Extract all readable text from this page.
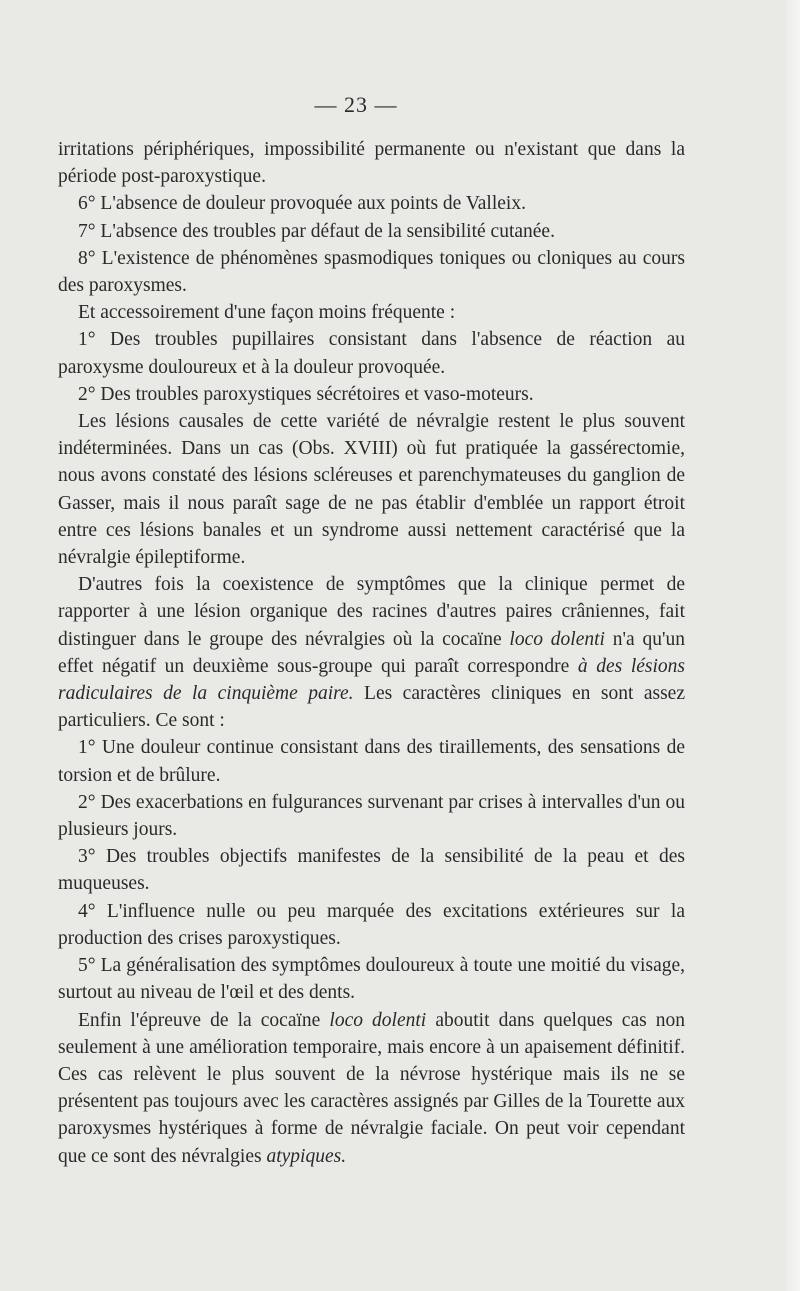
— 23 —

irritations périphériques, impossibilité permanente ou n'existant que dans la période post-paroxystique.

6° L'absence de douleur provoquée aux points de Valleix.

7° L'absence des troubles par défaut de la sensibilité cutanée.

8° L'existence de phénomènes spasmodiques toniques ou cloniques au cours des paroxysmes.

Et accessoirement d'une façon moins fréquente :

1° Des troubles pupillaires consistant dans l'absence de réaction au paroxysme douloureux et à la douleur provoquée.

2° Des troubles paroxystiques sécrétoires et vaso-moteurs.

Les lésions causales de cette variété de névralgie restent le plus souvent indéterminées. Dans un cas (Obs. XVIII) où fut pratiquée la gassérectomie, nous avons constaté des lésions scléreuses et parenchymateuses du ganglion de Gasser, mais il nous paraît sage de ne pas établir d'emblée un rapport étroit entre ces lésions banales et un syndrome aussi nettement caractérisé que la névralgie épileptiforme.

D'autres fois la coexistence de symptômes que la clinique permet de rapporter à une lésion organique des racines d'autres paires crâniennes, fait distinguer dans le groupe des névralgies où la cocaïne loco dolenti n'a qu'un effet négatif un deuxième sous-groupe qui paraît correspondre à des lésions radiculaires de la cinquième paire. Les caractères cliniques en sont assez particuliers. Ce sont :

1° Une douleur continue consistant dans des tiraillements, des sensations de torsion et de brûlure.

2° Des exacerbations en fulgurances survenant par crises à intervalles d'un ou plusieurs jours.

3° Des troubles objectifs manifestes de la sensibilité de la peau et des muqueuses.

4° L'influence nulle ou peu marquée des excitations extérieures sur la production des crises paroxystiques.

5° La généralisation des symptômes douloureux à toute une moitié du visage, surtout au niveau de l'œil et des dents.

Enfin l'épreuve de la cocaïne loco dolenti aboutit dans quelques cas non seulement à une amélioration temporaire, mais encore à un apaisement définitif. Ces cas relèvent le plus souvent de la névrose hystérique mais ils ne se présentent pas toujours avec les caractères assignés par Gilles de la Tourette aux paroxysmes hystériques à forme de névralgie faciale. On peut voir cependant que ce sont des névralgies atypiques.
